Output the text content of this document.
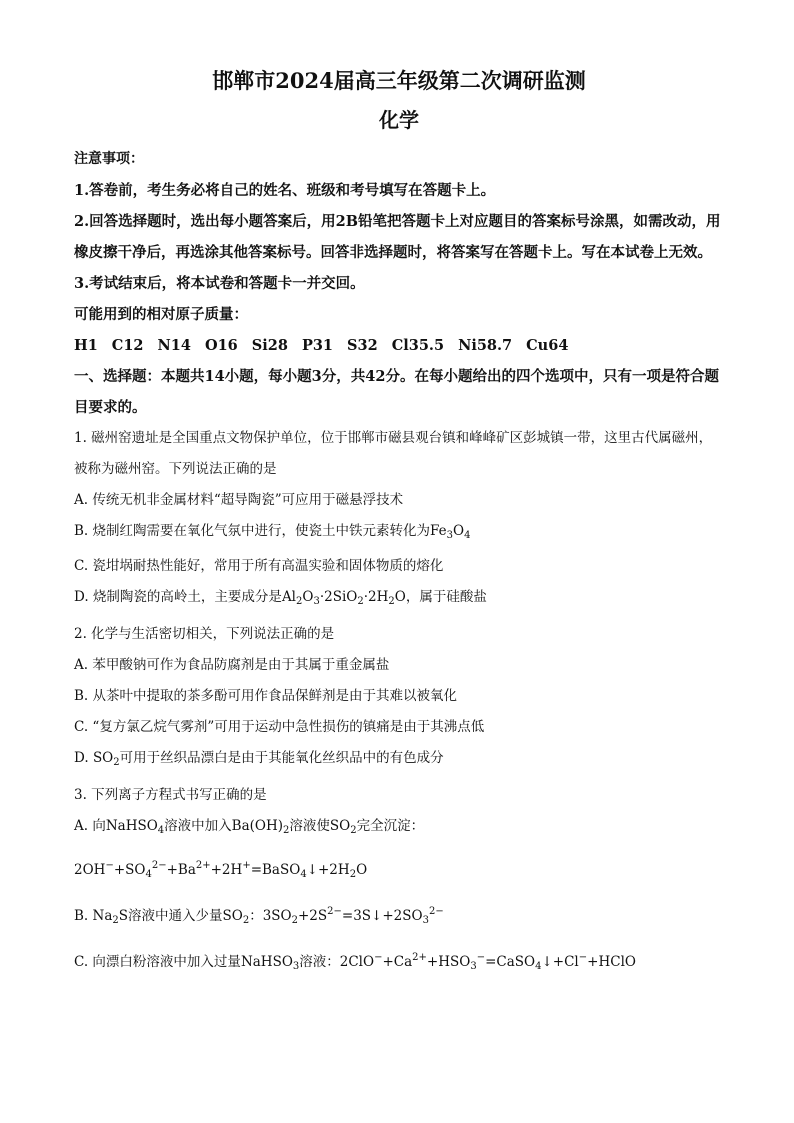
邯郸市2024届高三年级第二次调研监测
化学

注意事项：

1.答卷前，考生务必将自己的姓名、班级和考号填写在答题卡上。

2.回答选择题时，选出每小题答案后，用2B铅笔把答题卡上对应题目的答案标号涂黑，如需改动，用橡皮擦干净后，再选涂其他答案标号。回答非选择题时，将答案写在答题卡上。写在本试卷上无效。

3.考试结束后，将本试卷和答题卡一并交回。

可能用到的相对原子质量：H1 C12 N14 O16 Si28 P31 S32 Cl35.5 Ni58.7 Cu64

一、选择题：本题共14小题，每小题3分，共42分。在每小题给出的四个选项中，只有一项是符合题目要求的。

1. 磁州窑遗址是全国重点文物保护单位，位于邯郸市磁县观台镇和峰峰矿区彭城镇一带，这里古代属磁州，被称为磁州窑。下列说法正确的是

A. 传统无机非金属材料“超导陶瓷”可应用于磁悬浮技术

B. 烧制红陶需要在氧化气氛中进行，使瓷土中铁元素转化为$Fe_3O_4$

C. 瓷坩埚耐热性能好，常用于所有高温实验和固体物质的熔化

D. 烧制陶瓷的高岭土，主要成分是$Al_2O_3\cdot 2SiO_2\cdot 2H_2O$，属于硅酸盐

2. 化学与生活密切相关，下列说法正确的是

A. 苯甲酸钠可作为食品防腐剂是由于其属于重金属盐

B. 从茶叶中提取的茶多酚可用作食品保鲜剂是由于其难以被氧化

C. “复方氯乙烷气雾剂”可用于运动中急性损伤的镇痛是由于其沸点低

D. $SO_2$可用于丝织品漂白是由于其能氧化丝织品中的有色成分

3. 下列离子方程式书写正确的是

A. 向NaHSO$_4$溶液中加入$Ba(OH)_2$溶液使$SO_2$完全沉淀：

$2OH^-+SO_4^{2-}+Ba^{2+}+2H^+=BaSO_4↓+2H_2O$

B. $Na_2S$溶液中通入少量$SO_2$：$3SO_2+2S^{2-}=3S↓+2SO_3^{2-}$

C. 向漂白粉溶液中加入过量NaHSO$_3$溶液：$2ClO^-+Ca^{2+}+HSO_3^-=CaSO_4↓+Cl^-+HClO$
